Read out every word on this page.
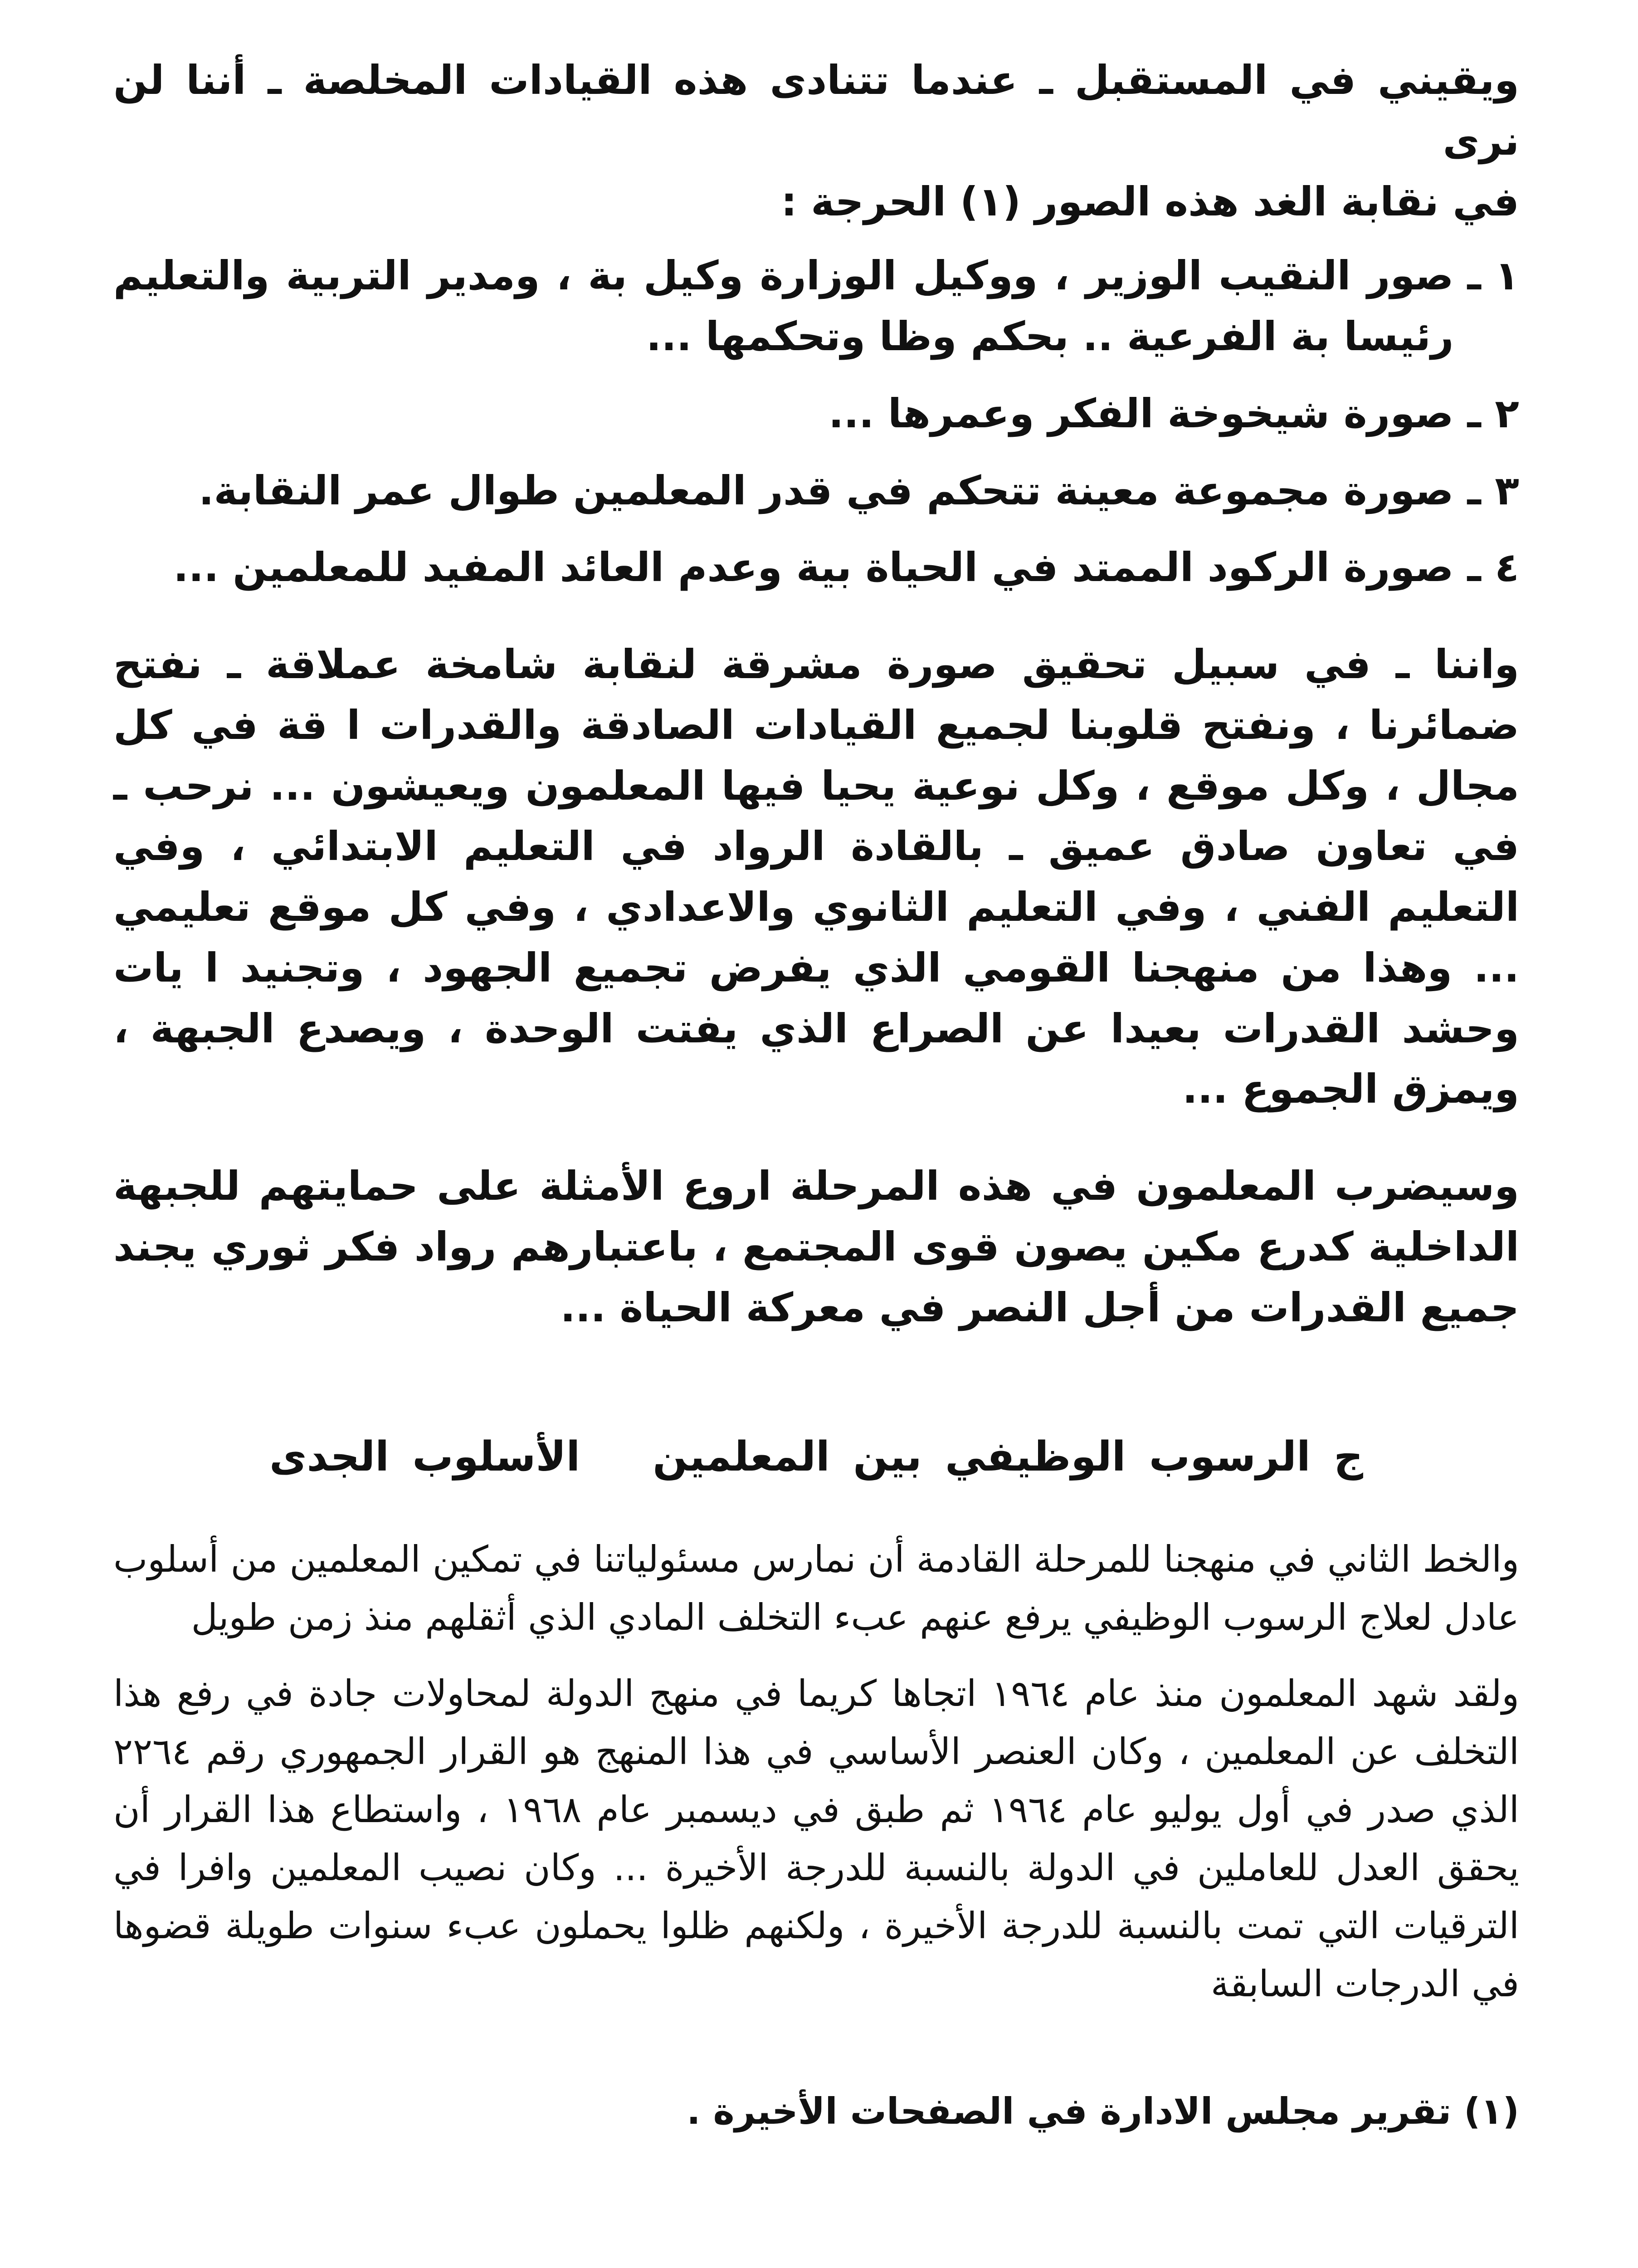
ويقيني في المستقبل ـ عندما تتنادى هذه القيادات المخلصة ـ أننا لن نرى
في نقابة الغد هذه الصور (١) الحرجة :
١ ـ
صور النقيب الوزير ، ووكيل الوزارة وكيل بة ، ومدير التربية والتعليم رئيسا بة الفرعية .. بحكم وظا وتحكمها ...
٢ ـ
صورة شيخوخة الفكر وعمرها ...
٣ ـ
صورة مجموعة معينة تتحكم في قدر المعلمين طوال عمر النقابة.
٤ ـ
صورة الركود الممتد في الحياة بية وعدم العائد المفيد للمعلمين ...

واننا ـ في سبيل تحقيق صورة مشرقة لنقابة شامخة عملاقة ـ نفتح ضمائرنا ، ونفتح قلوبنا لجميع القيادات الصادقة والقدرات ا قة في كل مجال ، وكل موقع ، وكل نوعية يحيا فيها المعلمون ويعيشون ... نرحب ـ في تعاون صادق عميق ـ بالقادة الرواد في التعليم الابتدائي ، وفي التعليم الفني ، وفي التعليم الثانوي والاعدادي ، وفي كل موقع تعليمي ... وهذا من منهجنا القومي الذي يفرض تجميع الجهود ، وتجنيد ا يات وحشد القدرات بعيدا عن الصراع الذي يفتت الوحدة ، ويصدع الجبهة ، ويمزق الجموع ...

وسيضرب المعلمون في هذه المرحلة اروع الأمثلة على حمايتهم للجبهة الداخلية كدرع مكين يصون قوى المجتمع ، باعتبارهم رواد فكر ثوري يجند جميع القدرات من أجل النصر في معركة الحياة ...

ج الرسوب الوظيفي بين المعلمينالأسلوب الجدى

والخط الثاني في منهجنا للمرحلة القادمة أن نمارس مسئولياتنا في تمكين المعلمين من أسلوب عادل لعلاج الرسوب الوظيفي يرفع عنهم عبء التخلف المادي الذي أثقلهم منذ زمن طويل

ولقد شهد المعلمون منذ عام ١٩٦٤ اتجاها كريما في منهج الدولة لمحاولات جادة في رفع هذا التخلف عن المعلمين ، وكان العنصر الأساسي في هذا المنهج هو القرار الجمهوري رقم ٢٢٦٤ الذي صدر في أول يوليو عام ١٩٦٤ ثم طبق في ديسمبر عام ١٩٦٨ ، واستطاع هذا القرار أن يحقق العدل للعاملين في الدولة بالنسبة للدرجة الأخيرة ... وكان نصيب المعلمين وافرا في الترقيات التي تمت بالنسبة للدرجة الأخيرة ، ولكنهم ظلوا يحملون عبء سنوات طويلة قضوها في الدرجات السابقة

(١) تقرير مجلس الادارة في الصفحات الأخيرة .
